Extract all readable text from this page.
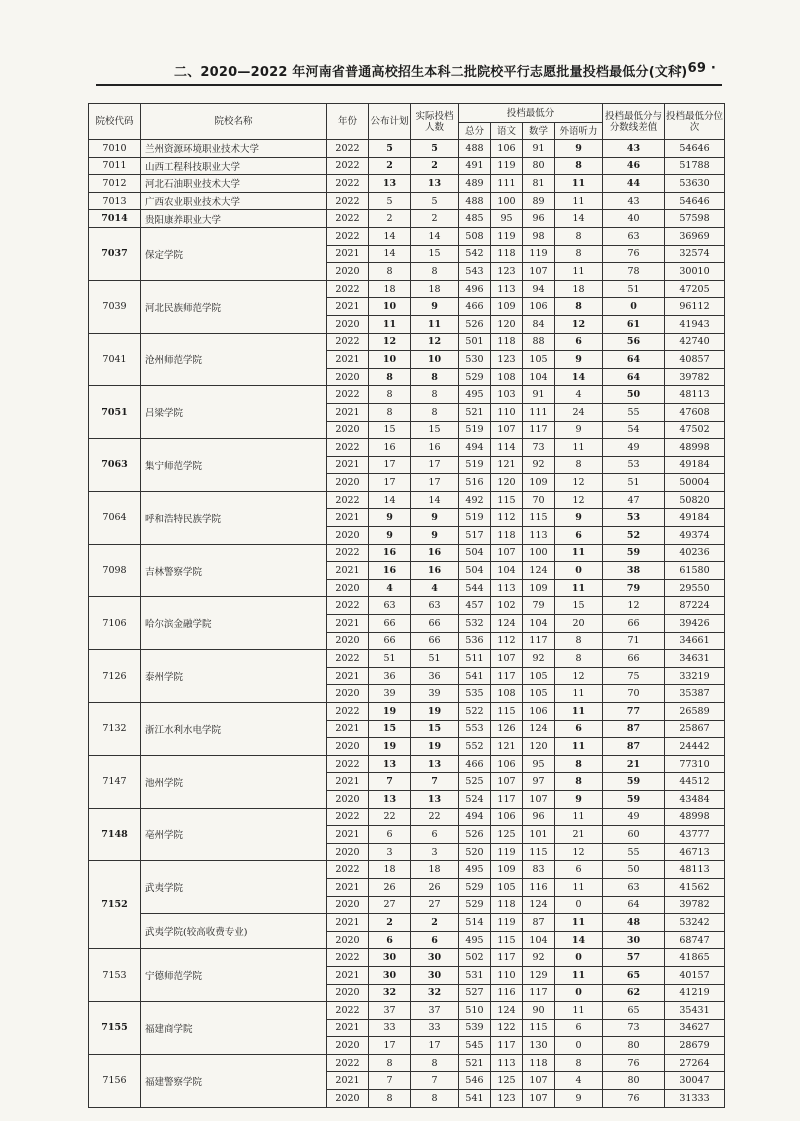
二、2020—2022 年河南省普通高校招生本科二批院校平行志愿批量投档最低分(文科)
· 69 ·
院校代码	院校名称	年份	公布计划	实际投档人数	投档最低分				投档最低分与分数线差值	投档最低分位次
					总分	语文	数学	外语听力		
7010	兰州资源环境职业技术大学	2022	5	5	488	106	91	9	43	54646
7011	山西工程科技职业大学	2022	2	2	491	119	80	8	46	51788
7012	河北石油职业技术大学	2022	13	13	489	111	81	11	44	53630
7013	广西农业职业技术大学	2022	5	5	488	100	89	11	43	54646
7014	贵阳康养职业大学	2022	2	2	485	95	96	14	40	57598
7037	保定学院	2022	14	14	508	119	98	8	63	36969
		2021	14	15	542	118	119	8	76	32574
		2020	8	8	543	123	107	11	78	30010
7039	河北民族师范学院	2022	18	18	496	113	94	18	51	47205
		2021	10	9	466	109	106	8	0	96112
		2020	11	11	526	120	84	12	61	41943
7041	沧州师范学院	2022	12	12	501	118	88	6	56	42740
		2021	10	10	530	123	105	9	64	40857
		2020	8	8	529	108	104	14	64	39782
7051	吕梁学院	2022	8	8	495	103	91	4	50	48113
		2021	8	8	521	110	111	24	55	47608
		2020	15	15	519	107	117	9	54	47502
7063	集宁师范学院	2022	16	16	494	114	73	11	49	48998
		2021	17	17	519	121	92	8	53	49184
		2020	17	17	516	120	109	12	51	50004
7064	呼和浩特民族学院	2022	14	14	492	115	70	12	47	50820
		2021	9	9	519	112	115	9	53	49184
		2020	9	9	517	118	113	6	52	49374
7098	吉林警察学院	2022	16	16	504	107	100	11	59	40236
		2021	16	16	504	104	124	0	38	61580
		2020	4	4	544	113	109	11	79	29550
7106	哈尔滨金融学院	2022	63	63	457	102	79	15	12	87224
		2021	66	66	532	124	104	20	66	39426
		2020	66	66	536	112	117	8	71	34661
7126	泰州学院	2022	51	51	511	107	92	8	66	34631
		2021	36	36	541	117	105	12	75	33219
		2020	39	39	535	108	105	11	70	35387
7132	浙江水利水电学院	2022	19	19	522	115	106	11	77	26589
		2021	15	15	553	126	124	6	87	25867
		2020	19	19	552	121	120	11	87	24442
7147	池州学院	2022	13	13	466	106	95	8	21	77310
		2021	7	7	525	107	97	8	59	44512
		2020	13	13	524	117	107	9	59	43484
7148	亳州学院	2022	22	22	494	106	96	11	49	48998
		2021	6	6	526	125	101	21	60	43777
		2020	3	3	520	119	115	12	55	46713
7152	武夷学院	2022	18	18	495	109	83	6	50	48113
		2021	26	26	529	105	116	11	63	41562
		2020	27	27	529	118	124	0	64	39782
	武夷学院(较高收费专业)	2021	2	2	514	119	87	11	48	53242
		2020	6	6	495	115	104	14	30	68747
7153	宁德师范学院	2022	30	30	502	117	92	0	57	41865
		2021	30	30	531	110	129	11	65	40157
		2020	32	32	527	116	117	0	62	41219
7155	福建商学院	2022	37	37	510	124	90	11	65	35431
		2021	33	33	539	122	115	6	73	34627
		2020	17	17	545	117	130	0	80	28679
7156	福建警察学院	2022	8	8	521	113	118	8	76	27264
		2021	7	7	546	125	107	4	80	30047
		2020	8	8	541	123	107	9	76	31333
